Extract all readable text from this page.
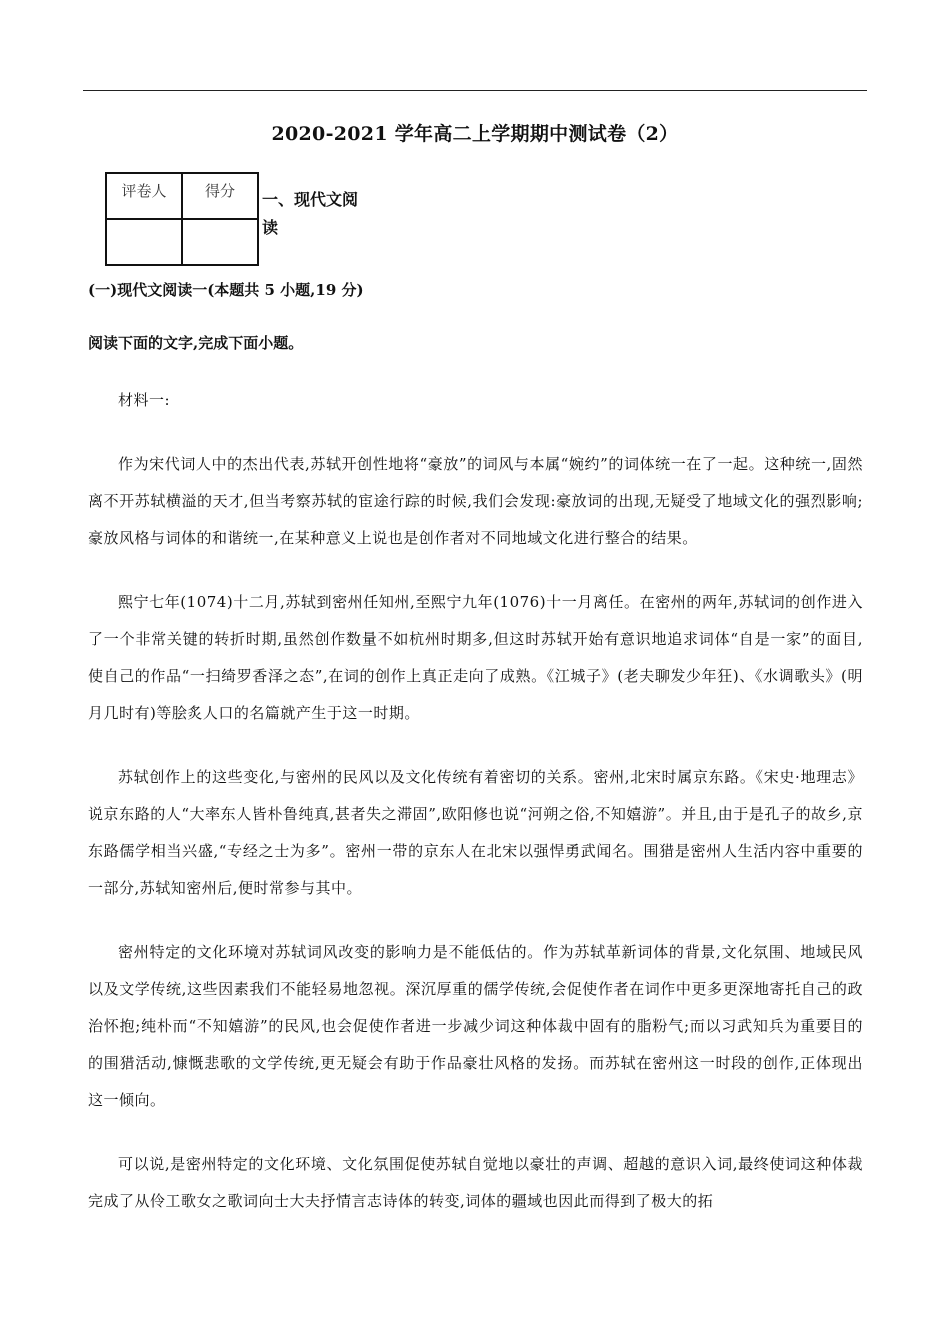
2020-2021 学年高二上学期期中测试卷（2）
评卷人	得分

		一、现代文阅读
(一)现代文阅读一(本题共 5 小题,19 分)
阅读下面的文字,完成下面小题。

材料一:

作为宋代词人中的杰出代表,苏轼开创性地将“豪放”的词风与本属“婉约”的词体统一在了一起。这种统一,固然离不开苏轼横溢的天才,但当考察苏轼的宦途行踪的时候,我们会发现:豪放词的出现,无疑受了地域文化的强烈影响;豪放风格与词体的和谐统一,在某种意义上说也是创作者对不同地域文化进行整合的结果。

熙宁七年(1074)十二月,苏轼到密州任知州,至熙宁九年(1076)十一月离任。在密州的两年,苏轼词的创作进入了一个非常关键的转折时期,虽然创作数量不如杭州时期多,但这时苏轼开始有意识地追求词体“自是一家”的面目,使自己的作品“一扫绮罗香泽之态”,在词的创作上真正走向了成熟。《江城子》(老夫聊发少年狂)、《水调歌头》(明月几时有)等脍炙人口的名篇就产生于这一时期。

苏轼创作上的这些变化,与密州的民风以及文化传统有着密切的关系。密州,北宋时属京东路。《宋史·地理志》说京东路的人“大率东人皆朴鲁纯真,甚者失之滞固”,欧阳修也说“河朔之俗,不知嬉游”。并且,由于是孔子的故乡,京东路儒学相当兴盛,“专经之士为多”。密州一带的京东人在北宋以强悍勇武闻名。围猎是密州人生活内容中重要的一部分,苏轼知密州后,便时常参与其中。

密州特定的文化环境对苏轼词风改变的影响力是不能低估的。作为苏轼革新词体的背景,文化氛围、地域民风以及文学传统,这些因素我们不能轻易地忽视。深沉厚重的儒学传统,会促使作者在词作中更多更深地寄托自己的政治怀抱;纯朴而“不知嬉游”的民风,也会促使作者进一步减少词这种体裁中固有的脂粉气;而以习武知兵为重要目的的围猎活动,慷慨悲歌的文学传统,更无疑会有助于作品豪壮风格的发扬。而苏轼在密州这一时段的创作,正体现出这一倾向。

可以说,是密州特定的文化环境、文化氛围促使苏轼自觉地以豪壮的声调、超越的意识入词,最终使词这种体裁完成了从伶工歌女之歌词向士大夫抒情言志诗体的转变,词体的疆域也因此而得到了极大的拓
